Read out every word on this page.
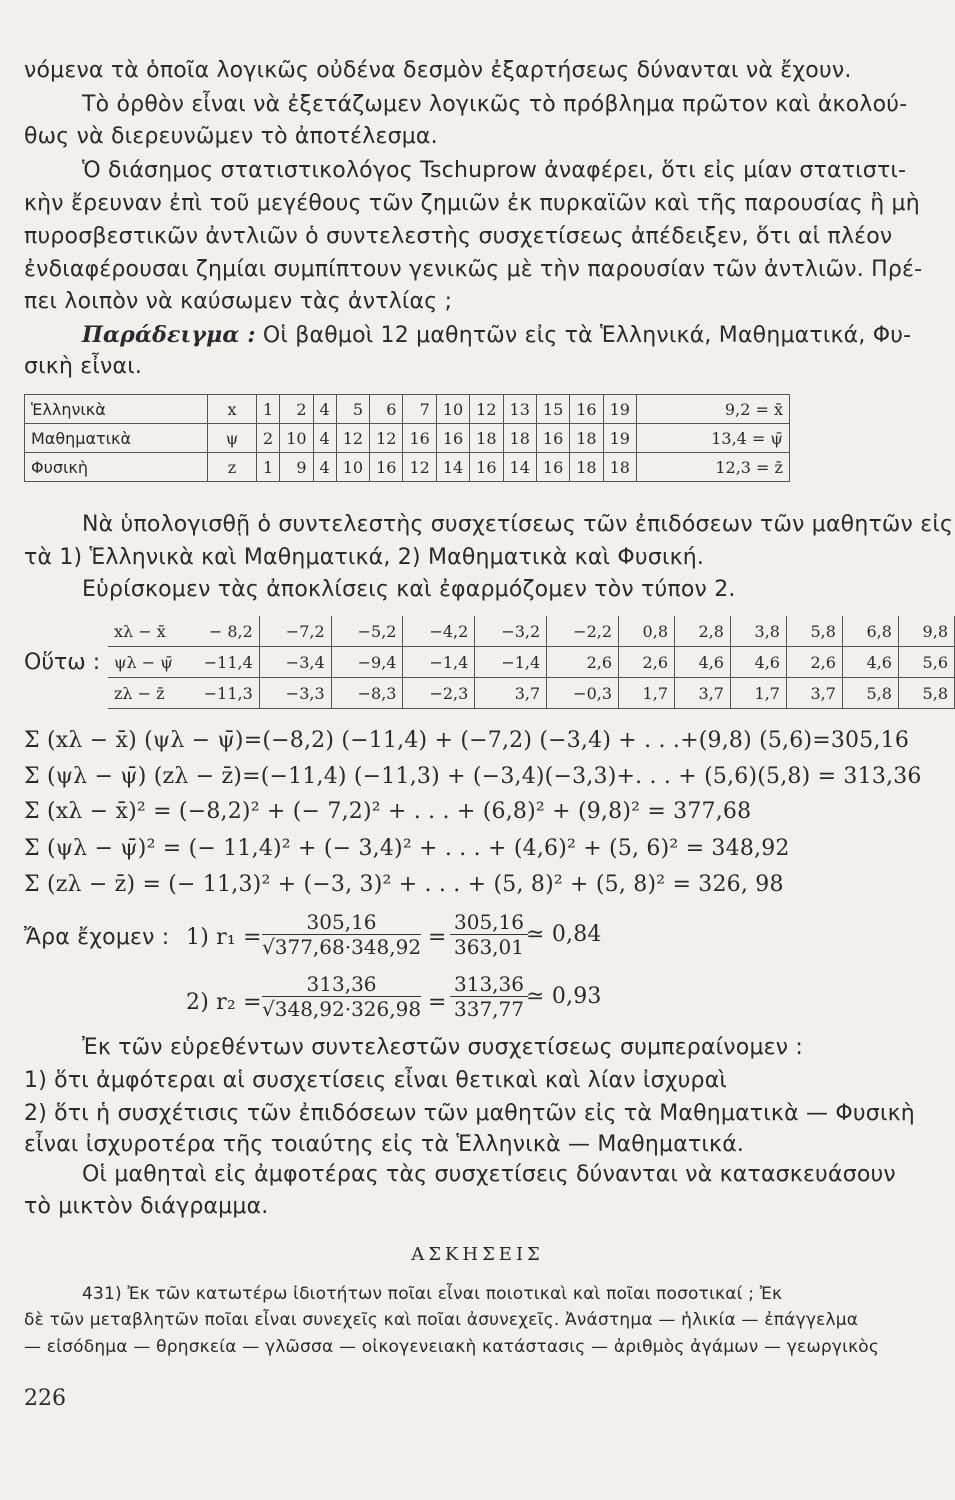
νόμενα τὰ ὁποῖα λογικῶς οὐδένα δεσμὸν ἐξαρτήσεως δύνανται νὰ ἔχουν.
Τὸ ὀρθὸν εἶναι νὰ ἐξετάζωμεν λογικῶς τὸ πρόβλημα πρῶτον καὶ ἀκολού-
θως νὰ διερευνῶμεν τὸ ἀποτέλεσμα.
Ὁ διάσημος στατιστικολόγος Tschuprow ἀναφέρει, ὅτι εἰς μίαν στατιστι-
κὴν ἔρευναν ἐπὶ τοῦ μεγέθους τῶν ζημιῶν ἐκ πυρκαϊῶν καὶ τῆς παρουσίας ἢ μὴ
πυροσβεστικῶν ἀντλιῶν ὁ συντελεστὴς συσχετίσεως ἀπέδειξεν, ὅτι αἱ πλέον
ἐνδιαφέρουσαι ζημίαι συμπίπτουν γενικῶς μὲ τὴν παρουσίαν τῶν ἀντλιῶν. Πρέ-
πει λοιπὸν νὰ καύσωμεν τὰς ἀντλίας ;
Παράδειγμα : Οἱ βαθμοὶ 12 μαθητῶν εἰς τὰ Ἑλληνικά, Μαθηματικά, Φυ-
σικὴ εἶναι.
Ἑλληνικὰ	x	1	2	4	5	6	7	10	12	13	15	16	19	9,2 = x̄
Μαθηματικὰ	ψ	2	10	4	12	12	16	16	18	18	16	18	19	13,4 = ψ̄
Φυσικὴ	z	1	9	4	10	16	12	14	16	14	16	18	18	12,3 = z̄
Νὰ ὑπολογισθῇ ὁ συντελεστὴς συσχετίσεως τῶν ἐπιδόσεων τῶν μαθητῶν εἰς
τὰ 1) Ἑλληνικὰ καὶ Μαθηματικά, 2) Μαθηματικὰ καὶ Φυσική.
Εὑρίσκομεν τὰς ἀποκλίσεις καὶ ἐφαρμόζομεν τὸν τύπον 2.
Οὕτω :
xλ − x̄	− 8,2	−7,2	−5,2	−4,2	−3,2	−2,2	0,8	2,8	3,8	5,8	6,8	9,8
ψλ − ψ̄	−11,4	−3,4	−9,4	−1,4	−1,4	2,6	2,6	4,6	4,6	2,6	4,6	5,6
zλ − z̄	−11,3	−3,3	−8,3	−2,3	3,7	−0,3	1,7	3,7	1,7	3,7	5,8	5,8
Σ (xλ − x̄) (ψλ − ψ̄)=(−8,2) (−11,4) + (−7,2) (−3,4) + . . .+(9,8) (5,6)=305,16
Σ (ψλ − ψ̄) (zλ − z̄)=(−11,4) (−11,3) + (−3,4)(−3,3)+. . . + (5,6)(5,8) = 313,36
Σ (xλ − x̄)² = (−8,2)² + (− 7,2)² + . . . + (6,8)² + (9,8)² = 377,68
Σ (ψλ − ψ̄)² = (− 11,4)² + (− 3,4)² + . . . + (4,6)² + (5, 6)² = 348,92
Σ (zλ − z̄) = (− 11,3)² + (−3, 3)² + . . . + (5, 8)² + (5, 8)² = 326, 98
Ἄρα ἔχομεν : 1) $r_1 = \frac{305,16}{√377,68\cdot 348,92} = \frac{305,16}{363,01}$
≃ 0,84
2) $r_2 = \frac{313,36}{√348,92\cdot 326,98} = \frac{313,36}{337,77}$
≃ 0,93
Ἐκ τῶν εὑρεθέντων συντελεστῶν συσχετίσεως συμπεραίνομεν :
1) ὅτι ἀμφότεραι αἱ συσχετίσεις εἶναι θετικαὶ καὶ λίαν ἰσχυραὶ
2) ὅτι ἡ συσχέτισις τῶν ἐπιδόσεων τῶν μαθητῶν εἰς τὰ Μαθηματικὰ — Φυσικὴ
εἶναι ἰσχυροτέρα τῆς τοιαύτης εἰς τὰ Ἑλληνικὰ — Μαθηματικά.
Οἱ μαθηταὶ εἰς ἀμφοτέρας τὰς συσχετίσεις δύνανται νὰ κατασκευάσουν
τὸ μικτὸν διάγραμμα.
ΑΣΚΗΣΕΙΣ
431) Ἐκ τῶν κατωτέρω ἰδιοτήτων ποῖαι εἶναι ποιοτικαὶ καὶ ποῖαι ποσοτικαί ; Ἐκ
δὲ τῶν μεταβλητῶν ποῖαι εἶναι συνεχεῖς καὶ ποῖαι ἀσυνεχεῖς. Ἀνάστημα — ἡλικία — ἐπάγγελμα
— εἰσόδημα — θρησκεία — γλῶσσα — οἰκογενειακὴ κατάστασις — ἀριθμὸς ἀγάμων — γεωργικὸς
226
